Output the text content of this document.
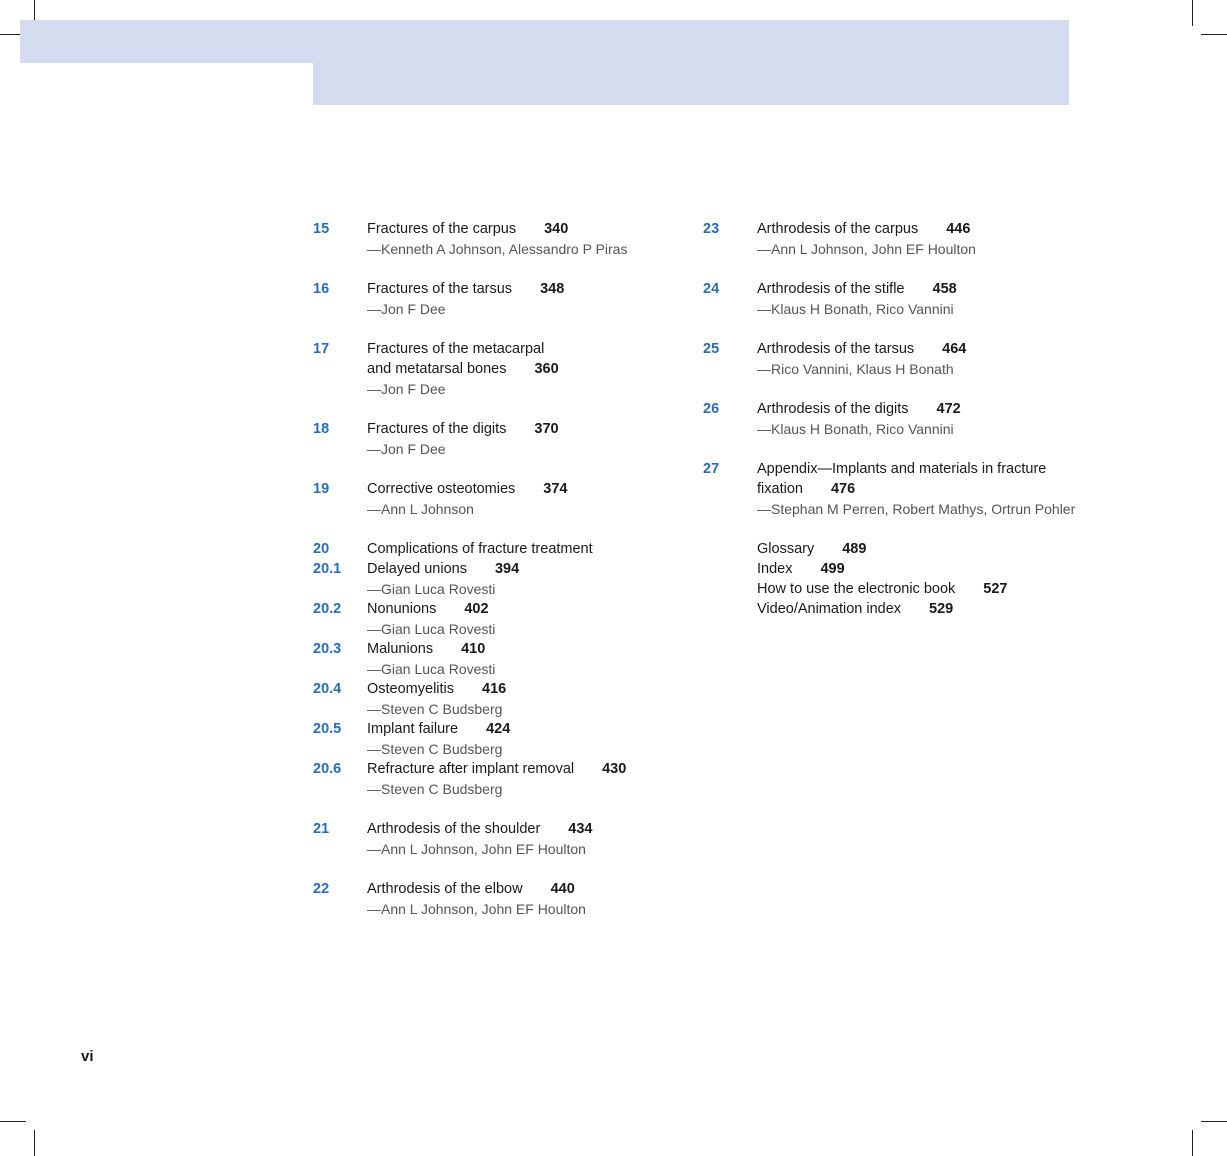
15	Fractures of the carpus 340
—Kenneth A Johnson, Alessandro P Piras
16	Fractures of the tarsus 348
—Jon F Dee
17	Fractures of the metacarpal
and metatarsal bones 360
—Jon F Dee
18	Fractures of the digits 370
—Jon F Dee
19	Corrective osteotomies 374
—Ann L Johnson
20	Complications of fracture treatment
20.1	Delayed unions 394
—Gian Luca Rovesti
20.2	Nonunions 402
—Gian Luca Rovesti
20.3	Malunions 410
—Gian Luca Rovesti
20.4	Osteomyelitis 416
—Steven C Budsberg
20.5	Implant failure 424
—Steven C Budsberg
20.6	Refracture after implant removal 430
—Steven C Budsberg
21	Arthrodesis of the shoulder 434
—Ann L Johnson, John EF Houlton
22	Arthrodesis of the elbow 440
—Ann L Johnson, John EF Houlton
23	Arthrodesis of the carpus 446
—Ann L Johnson, John EF Houlton
24	Arthrodesis of the stifle 458
—Klaus H Bonath, Rico Vannini
25	Arthrodesis of the tarsus 464
—Rico Vannini, Klaus H Bonath
26	Arthrodesis of the digits 472
—Klaus H Bonath, Rico Vannini
27	Appendix—Implants and materials in fracture
fixation 476
—Stephan M Perren, Robert Mathys, Ortrun Pohler
Glossary 489
Index 499
How to use the electronic book 527
Video/Animation index 529
vi
